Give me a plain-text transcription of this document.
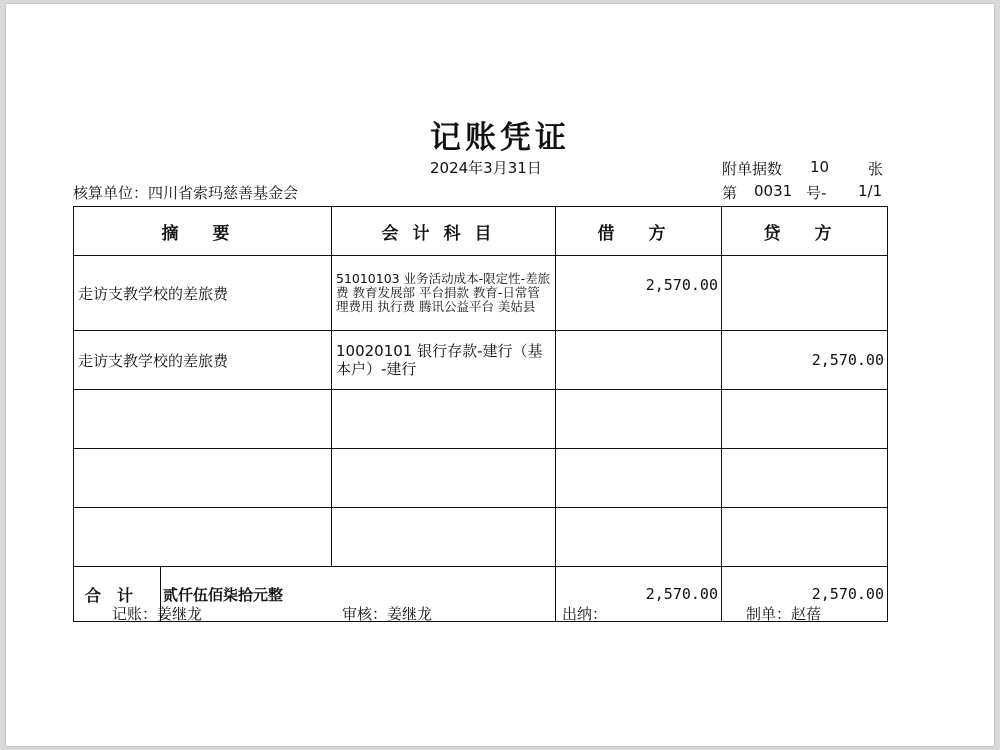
记账凭证
2024年3月31日
核算单位：四川省索玛慈善基金会
附单据数 10	张
第 0031 号- 1/1
摘 要	会计科目	借 方	贷 方
走访支教学校的差旅费	51010103 业务活动成本-限定性-差旅费 教育发展部 平台捐款 教育-日常管理费用 执行费 腾讯公益平台 美姑县	2,570.00	
走访支教学校的差旅费	10020101 银行存款-建行（基本户）-建行		2,570.00

合计 贰仟伍佰柒拾元整		2,570.00	2,570.00
记账：姜继龙	审核：姜继龙	出纳：	制单：赵蓓
